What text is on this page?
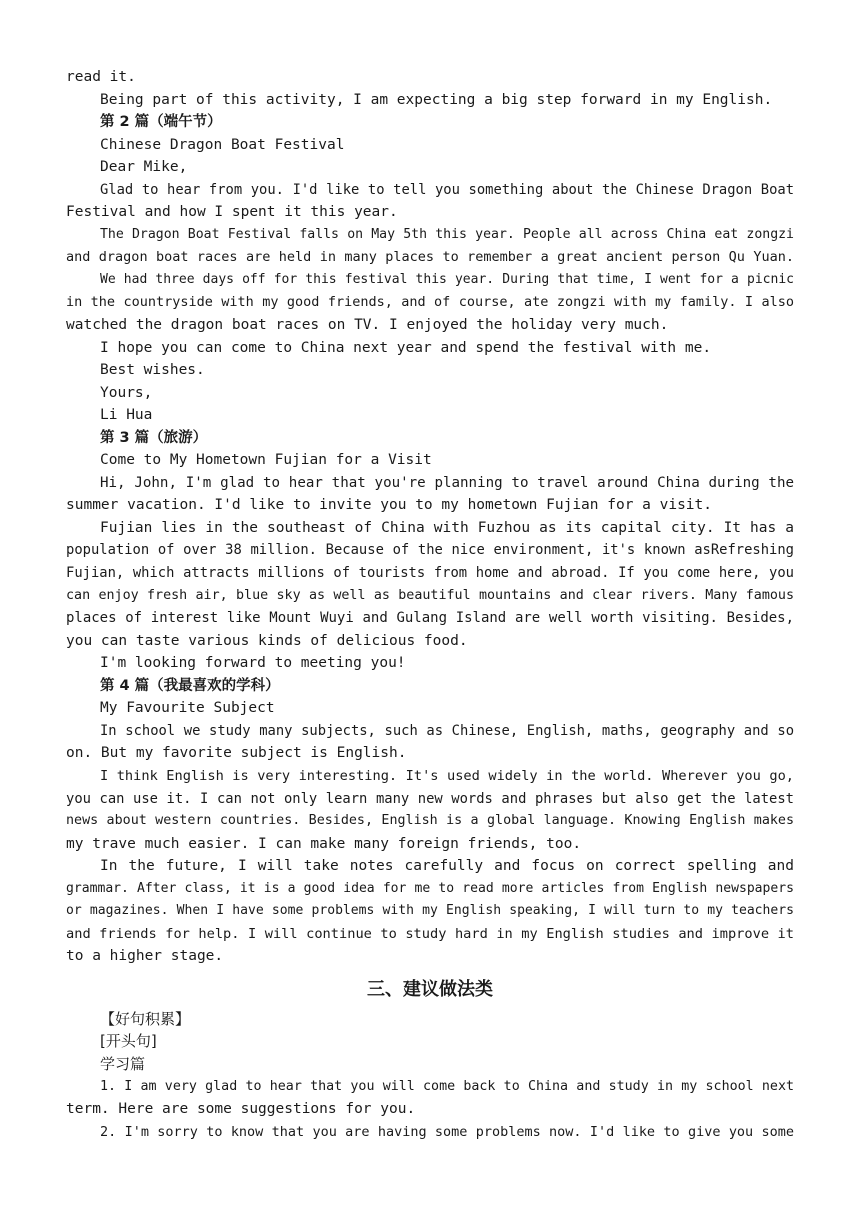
read it.
Being part of this activity, I am expecting a big step forward in my English.
第 2 篇（端午节）
Chinese Dragon Boat Festival
Dear Mike,
Glad to hear from you. I'd like to tell you something about the Chinese Dragon Boat
Festival and how I spent it this year.
The Dragon Boat Festival falls on May 5th this year. People all across China eat zongzi
and dragon boat races are held in many places to remember a great ancient person Qu Yuan.
We had three days off for this festival this year. During that time, I went for a picnic
in the countryside with my good friends, and of course, ate zongzi with my family. I also
watched the dragon boat races on TV. I enjoyed the holiday very much.
I hope you can come to China next year and spend the festival with me.
Best wishes.
Yours,
Li Hua
第 3 篇（旅游）
Come to My Hometown Fujian for a Visit
Hi, John, I'm glad to hear that you're planning to travel around China during the
summer vacation. I'd like to invite you to my hometown Fujian for a visit.
Fujian lies in the southeast of China with Fuzhou as its capital city. It has a
population of over 38 million. Because of the nice environment, it's known asRefreshing
Fujian, which attracts millions of tourists from home and abroad. If you come here, you
can enjoy fresh air, blue sky as well as beautiful mountains and clear rivers. Many famous
places of interest like Mount Wuyi and Gulang Island are well worth visiting. Besides,
you can taste various kinds of delicious food.
I'm looking forward to meeting you!
第 4 篇（我最喜欢的学科）
My Favourite Subject
In school we study many subjects, such as Chinese, English, maths, geography and so
on. But my favorite subject is English.
I think English is very interesting. It's used widely in the world. Wherever you go,
you can use it. I can not only learn many new words and phrases but also get the latest
news about western countries. Besides, English is a global language. Knowing English makes
my trave much easier. I can make many foreign friends, too.
In the future, I will take notes carefully and focus on correct spelling and
grammar. After class, it is a good idea for me to read more articles from English newspapers
or magazines. When I have some problems with my English speaking, I will turn to my teachers
and friends for help. I will continue to study hard in my English studies and improve it
to a higher stage.
三、建议做法类
【好句积累】
[开头句]
学习篇
1. I am very glad to hear that you will come back to China and study in my school next
term. Here are some suggestions for you.
2. I'm sorry to know that you are having some problems now. I'd like to give you some
